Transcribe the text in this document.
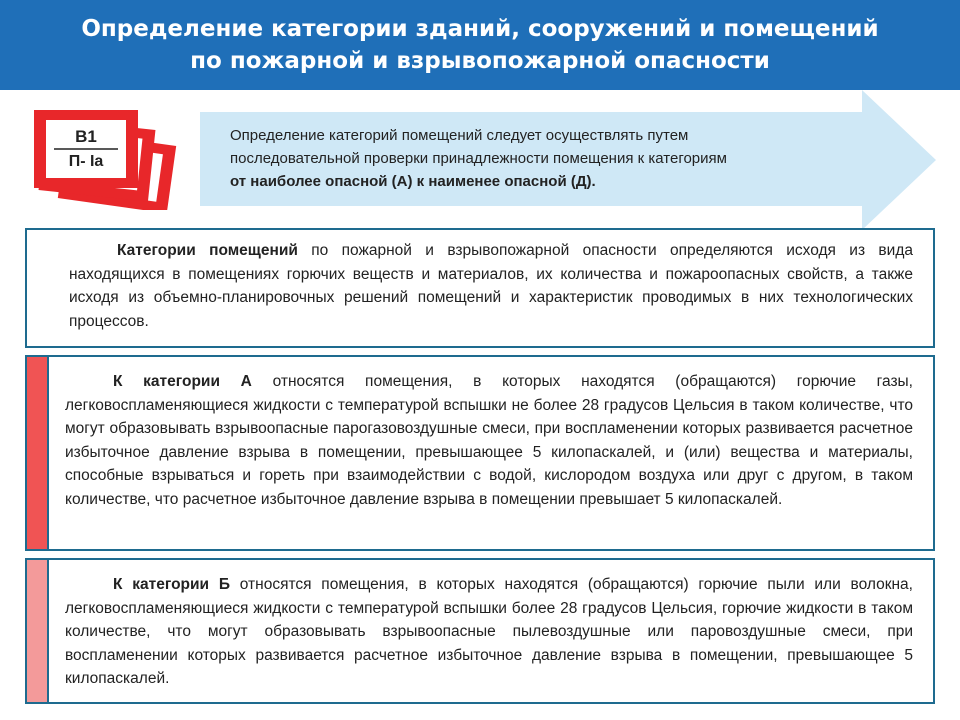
Определение категории зданий, сооружений и помещений
по пожарной и взрывопожарной опасности
В1
П- Iа
Определение категорий помещений следует осуществлять путем
последовательной проверки принадлежности помещения к категориям
от наиболее опасной (А) к наименее опасной (Д).

Категории помещений по пожарной и взрывопожарной опасности определяются исходя из вида находящихся в помещениях горючих веществ и материалов, их количества и пожароопасных свойств, а также исходя из объемно-планировочных решений помещений и характеристик проводимых в них технологических процессов.

К категории А относятся помещения, в которых находятся (обращаются) горючие газы, легковоспламеняющиеся жидкости с температурой вспышки не более 28 градусов Цельсия в таком количестве, что могут образовывать взрывоопасные парогазовоздушные смеси, при воспламенении которых развивается расчетное избыточное давление взрыва в помещении, превышающее 5 килопаскалей, и (или) вещества и материалы, способные взрываться и гореть при взаимодействии с водой, кислородом воздуха или друг с другом, в таком количестве, что расчетное избыточное давление взрыва в помещении превышает 5 килопаскалей.

К категории Б относятся помещения, в которых находятся (обращаются) горючие пыли или волокна, легковоспламеняющиеся жидкости с температурой вспышки более 28 градусов Цельсия, горючие жидкости в таком количестве, что могут образовывать взрывоопасные пылевоздушные или паровоздушные смеси, при воспламенении которых развивается расчетное избыточное давление взрыва в помещении, превышающее 5 килопаскалей.
